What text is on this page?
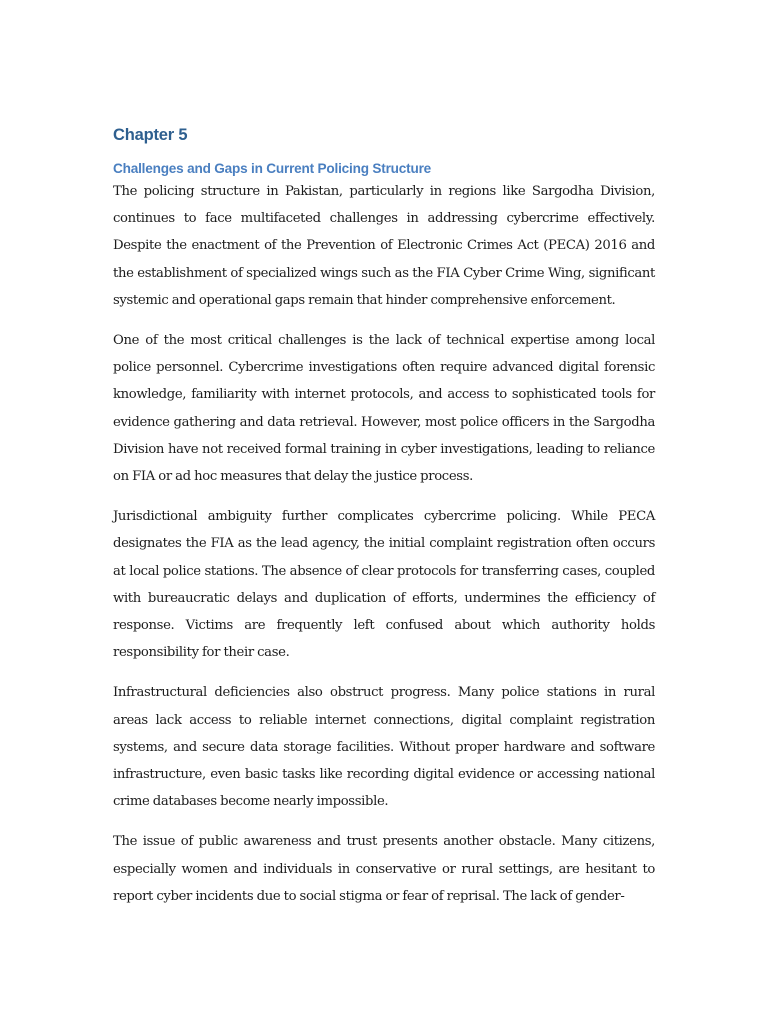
Chapter 5
Challenges and Gaps in Current Policing Structure

The policing structure in Pakistan, particularly in regions like Sargodha Division, continues to face multifaceted challenges in addressing cybercrime effectively. Despite the enactment of the Prevention of Electronic Crimes Act (PECA) 2016 and the establishment of specialized wings such as the FIA Cyber Crime Wing, significant systemic and operational gaps remain that hinder comprehensive enforcement.

One of the most critical challenges is the lack of technical expertise among local police personnel. Cybercrime investigations often require advanced digital forensic knowledge, familiarity with internet protocols, and access to sophisticated tools for evidence gathering and data retrieval. However, most police officers in the Sargodha Division have not received formal training in cyber investigations, leading to reliance on FIA or ad hoc measures that delay the justice process.

Jurisdictional ambiguity further complicates cybercrime policing. While PECA designates the FIA as the lead agency, the initial complaint registration often occurs at local police stations. The absence of clear protocols for transferring cases, coupled with bureaucratic delays and duplication of efforts, undermines the efficiency of response. Victims are frequently left confused about which authority holds responsibility for their case.

Infrastructural deficiencies also obstruct progress. Many police stations in rural areas lack access to reliable internet connections, digital complaint registration systems, and secure data storage facilities. Without proper hardware and software infrastructure, even basic tasks like recording digital evidence or accessing national crime databases become nearly impossible.

The issue of public awareness and trust presents another obstacle. Many citizens, especially women and individuals in conservative or rural settings, are hesitant to report cyber incidents due to social stigma or fear of reprisal. The lack of gender-
